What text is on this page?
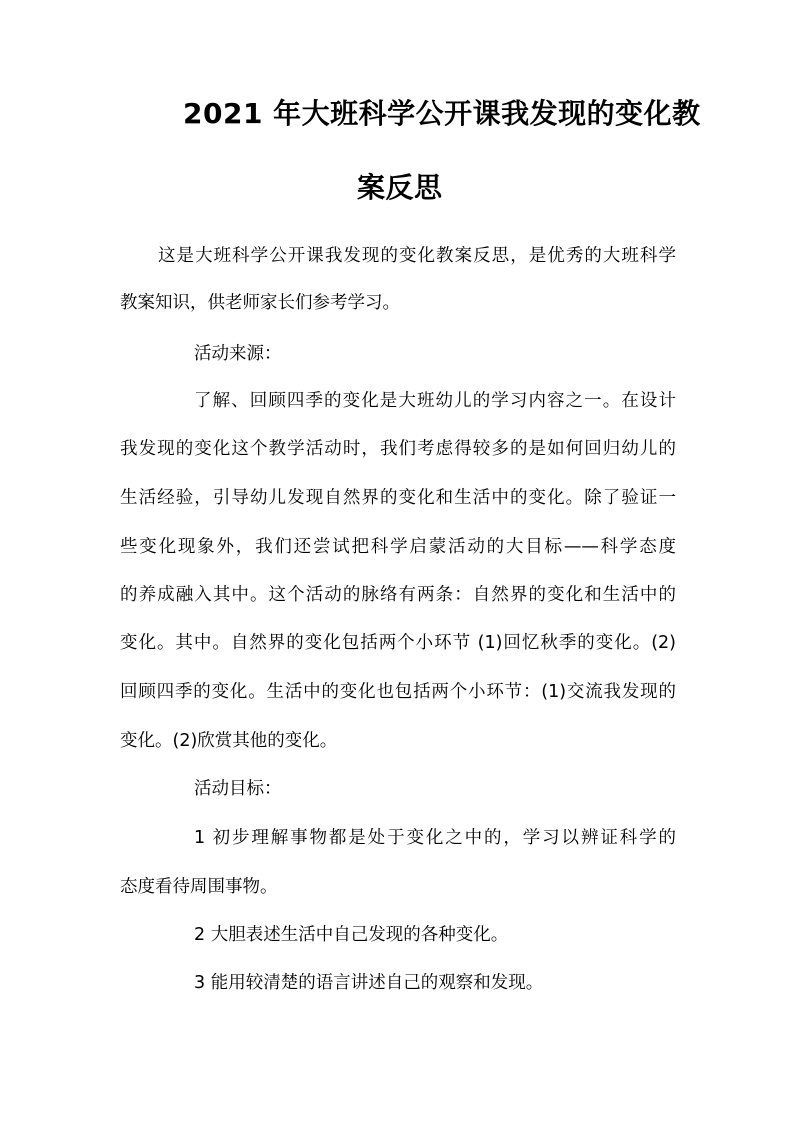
2021 年大班科学公开课我发现的变化教
案反思
这是大班科学公开课我发现的变化教案反思，是优秀的大班科学
教案知识，供老师家长们参考学习。
活动来源：
了解、回顾四季的变化是大班幼儿的学习内容之一。在设计
我发现的变化这个教学活动时，我们考虑得较多的是如何回归幼儿的
生活经验，引导幼儿发现自然界的变化和生活中的变化。除了验证一
些变化现象外，我们还尝试把科学启蒙活动的大目标——科学态度
的养成融入其中。这个活动的脉络有两条：自然界的变化和生活中的
变化。其中。自然界的变化包括两个小环节 (1)回忆秋季的变化。(2)
回顾四季的变化。生活中的变化也包括两个小环节：(1)交流我发现的
变化。(2)欣赏其他的变化。
活动目标：
1 初步理解事物都是处于变化之中的，学习以辨证科学的
态度看待周围事物。
2 大胆表述生活中自己发现的各种变化。
3 能用较清楚的语言讲述自己的观察和发现。
